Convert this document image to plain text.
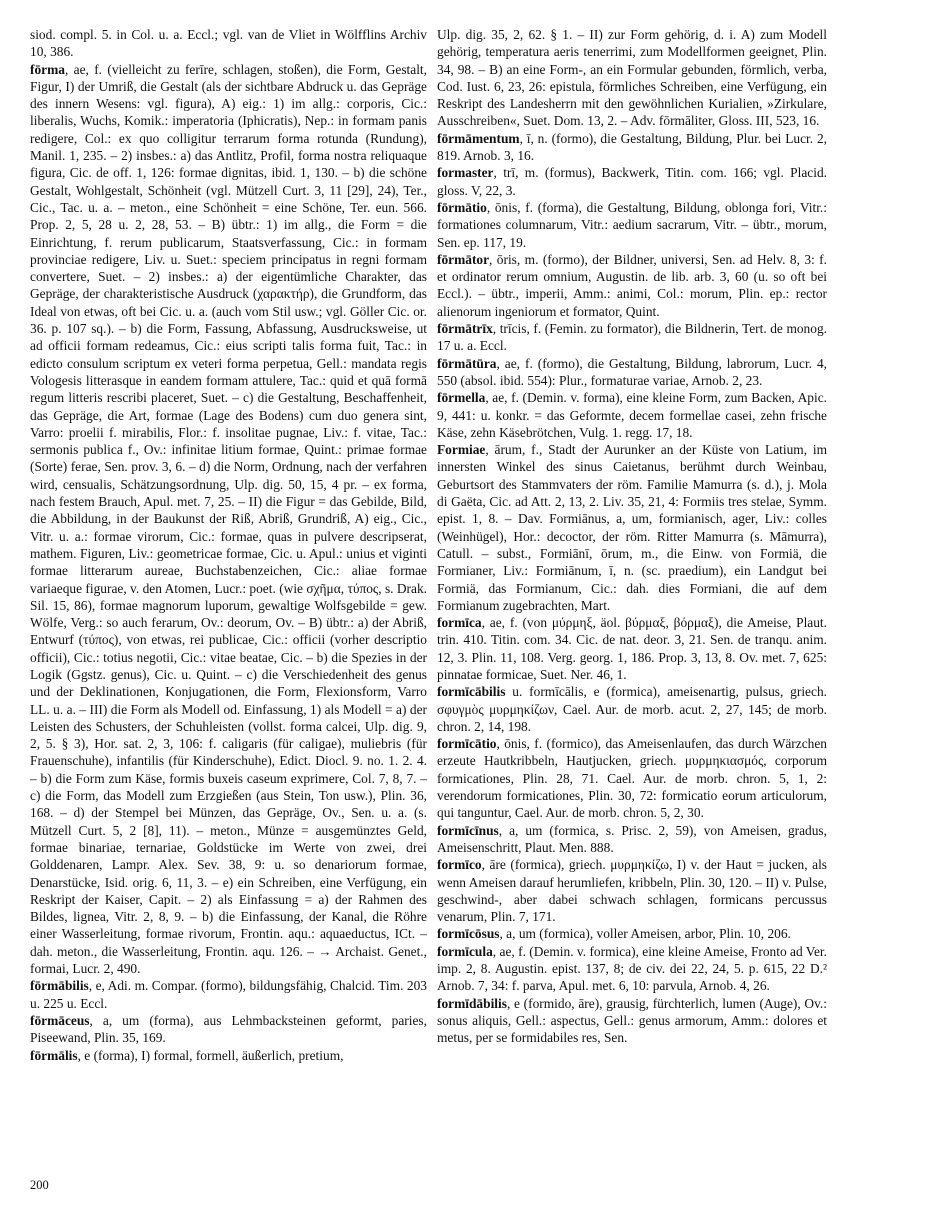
siod. compl. 5. in Col. u. a. Eccl.; vgl. van de Vliet in Wölfflins Archiv 10, 386.

fōrma, ae, f. (vielleicht zu ferīre, schlagen, stoßen), die Form, Gestalt, Figur, I) der Umriß, die Gestalt (als der sichtbare Abdruck u. das Gepräge des innern Wesens: vgl. figura), A) eig.: 1) im allg.: corporis, Cic.: liberalis, Wuchs, Komik.: imperatoria (Iphicratis), Nep.: in formam panis redigere, Col.: ex quo colligitur terrarum forma rotunda (Rundung), Manil. 1, 235. – 2) insbes.: a) das Antlitz, Profil, forma nostra reliquaque figura, Cic. de off. 1, 126: formae dignitas, ibid. 1, 130. – b) die schöne Gestalt, Wohlgestalt, Schönheit (vgl. Mützell Curt. 3, 11 [29], 24), Ter., Cic., Tac. u. a. – meton., eine Schönheit = eine Schöne, Ter. eun. 566. Prop. 2, 5, 28 u. 2, 28, 53. – B) übtr.: 1) im allg., die Form = die Einrichtung, f. rerum publicarum, Staatsverfassung, Cic.: in formam provinciae redigere, Liv. u. Suet.: speciem principatus in regni formam convertere, Suet. – 2) insbes.: a) der eigentümliche Charakter, das Gepräge, der charakteristische Ausdruck (χαρακτήρ), die Grundform, das Ideal von etwas, oft bei Cic. u. a. (auch vom Stil usw.; vgl. Göller Cic. or. 36. p. 107 sq.). – b) die Form, Fassung, Abfassung, Ausdrucksweise, ut ad officii formam redeamus, Cic.: eius scripti talis forma fuit, Tac.: in edicto consulum scriptum ex veteri forma perpetua, Gell.: mandata regis Vologesis litterasque in eandem formam attulere, Tac.: quid et quā formā regum litteris rescribi placeret, Suet. – c) die Gestaltung, Beschaffenheit, das Gepräge, die Art, formae (Lage des Bodens) cum duo genera sint, Varro: proelii f. mirabilis, Flor.: f. insolitae pugnae, Liv.: f. vitae, Tac.: sermonis publica f., Ov.: infinitae litium formae, Quint.: primae formae (Sorte) ferae, Sen. prov. 3, 6. – d) die Norm, Ordnung, nach der verfahren wird, censualis, Schätzungsordnung, Ulp. dig. 50, 15, 4 pr. – ex forma, nach festem Brauch, Apul. met. 7, 25. – II) die Figur = das Gebilde, Bild, die Abbildung, in der Baukunst der Riß, Abriß, Grundriß, A) eig., Cic., Vitr. u. a.: formae virorum, Cic.: formae, quas in pulvere descripserat, mathem. Figuren, Liv.: geometricae formae, Cic. u. Apul.: unius et viginti formae litterarum aureae, Buchstabenzeichen, Cic.: aliae formae variaeque figurae, v. den Atomen, Lucr.: poet. (wie σχῆμα, τύπος, s. Drak. Sil. 15, 86), formae magnorum luporum, gewaltige Wolfsgebilde = gew. Wölfe, Verg.: so auch ferarum, Ov.: deorum, Ov. – B) übtr.: a) der Abriß, Entwurf (τύπος), von etwas, rei publicae, Cic.: officii (vorher descriptio officii), Cic.: totius negotii, Cic.: vitae beatae, Cic. – b) die Spezies in der Logik (Ggstz. genus), Cic. u. Quint. – c) die Verschiedenheit des genus und der Deklinationen, Konjugationen, die Form, Flexionsform, Varro LL. u. a. – III) die Form als Modell od. Einfassung, 1) als Modell = a) der Leisten des Schusters, der Schuhleisten (vollst. forma calcei, Ulp. dig. 9, 2, 5. § 3), Hor. sat. 2, 3, 106: f. caligaris (für caligae), muliebris (für Frauenschuhe), infantilis (für Kinderschuhe), Edict. Diocl. 9. no. 1. 2. 4. – b) die Form zum Käse, formis buxeis caseum exprimere, Col. 7, 8, 7. – c) die Form, das Modell zum Erzgießen (aus Stein, Ton usw.), Plin. 36, 168. – d) der Stempel bei Münzen, das Gepräge, Ov., Sen. u. a. (s. Mützell Curt. 5, 2 [8], 11). – meton., Münze = ausgemünztes Geld, formae binariae, ternariae, Goldstücke im Werte von zwei, drei Golddenaren, Lampr. Alex. Sev. 38, 9: u. so denariorum formae, Denarstücke, Isid. orig. 6, 11, 3. – e) ein Schreiben, eine Verfügung, ein Reskript der Kaiser, Capit. – 2) als Einfassung = a) der Rahmen des Bildes, lignea, Vitr. 2, 8, 9. – b) die Einfassung, der Kanal, die Röhre einer Wasserleitung, formae rivorum, Frontin. aqu.: aquaeductus, ICt. – dah. meton., die Wasserleitung, Frontin. aqu. 126. – → Archaist. Genet., formai, Lucr. 2, 490.

fōrmābilis, e, Adi. m. Compar. (formo), bildungsfähig, Chalcid. Tim. 203 u. 225 u. Eccl.

fōrmāceus, a, um (forma), aus Lehmbacksteinen geformt, paries, Piseewand, Plin. 35, 169.

fōrmālis, e (forma), I) formal, formell, äußerlich, pretium,

Ulp. dig. 35, 2, 62. § 1. – II) zur Form gehörig, d. i. A) zum Modell gehörig, temperatura aeris tenerrimi, zum Modellformen geeignet, Plin. 34, 98. – B) an eine Form-, an ein Formular gebunden, förmlich, verba, Cod. Iust. 6, 23, 26: epistula, förmliches Schreiben, eine Verfügung, ein Reskript des Landesherrn mit den gewöhnlichen Kurialien, »Zirkulare, Ausschreiben«, Suet. Dom. 13, 2. – Adv. fōrmāliter, Gloss. III, 523, 16.

fōrmāmentum, ī, n. (formo), die Gestaltung, Bildung, Plur. bei Lucr. 2, 819. Arnob. 3, 16.

formaster, trī, m. (formus), Backwerk, Titin. com. 166; vgl. Placid. gloss. V, 22, 3.

fōrmātio, ōnis, f. (forma), die Gestaltung, Bildung, oblonga fori, Vitr.: formationes columnarum, Vitr.: aedium sacrarum, Vitr. – übtr., morum, Sen. ep. 117, 19.

fōrmātor, ōris, m. (formo), der Bildner, universi, Sen. ad Helv. 8, 3: f. et ordinator rerum omnium, Augustin. de lib. arb. 3, 60 (u. so oft bei Eccl.). – übtr., imperii, Amm.: animi, Col.: morum, Plin. ep.: rector alienorum ingeniorum et formator, Quint.

fōrmātrīx, trīcis, f. (Femin. zu formator), die Bildnerin, Tert. de monog. 17 u. a. Eccl.

fōrmātūra, ae, f. (formo), die Gestaltung, Bildung, labrorum, Lucr. 4, 550 (absol. ibid. 554): Plur., formaturae variae, Arnob. 2, 23.

fōrmella, ae, f. (Demin. v. forma), eine kleine Form, zum Backen, Apic. 9, 441: u. konkr. = das Geformte, decem formellae casei, zehn frische Käse, zehn Käsebrötchen, Vulg. 1. regg. 17, 18.

Formiae, ārum, f., Stadt der Aurunker an der Küste von Latium, im innersten Winkel des sinus Caietanus, berühmt durch Weinbau, Geburtsort des Stammvaters der röm. Familie Mamurra (s. d.), j. Mola di Gaëta, Cic. ad Att. 2, 13, 2. Liv. 35, 21, 4: Formiis tres stelae, Symm. epist. 1, 8. – Dav. Formiānus, a, um, formianisch, ager, Liv.: colles (Weinhügel), Hor.: decoctor, der röm. Ritter Mamurra (s. Māmurra), Catull. – subst., Formiānī, ōrum, m., die Einw. von Formiä, die Formianer, Liv.: Formiānum, ī, n. (sc. praedium), ein Landgut bei Formiä, das Formianum, Cic.: dah. dies Formiani, die auf dem Formianum zugebrachten, Mart.

formīca, ae, f. (von μύρμηξ, äol. βύρμαξ, βόρμαξ), die Ameise, Plaut. trin. 410. Titin. com. 34. Cic. de nat. deor. 3, 21. Sen. de tranqu. anim. 12, 3. Plin. 11, 108. Verg. georg. 1, 186. Prop. 3, 13, 8. Ov. met. 7, 625: pinnatae formicae, Suet. Ner. 46, 1.

formīcābilis u. formīcālis, e (formica), ameisenartig, pulsus, griech. σφυγμὸς μυρμηκίζων, Cael. Aur. de morb. acut. 2, 27, 145; de morb. chron. 2, 14, 198.

formīcātio, ōnis, f. (formico), das Ameisenlaufen, das durch Wärzchen erzeute Hautkribbeln, Hautjucken, griech. μυρμηκιασμός, corporum formicationes, Plin. 28, 71. Cael. Aur. de morb. chron. 5, 1, 2: verendorum formicationes, Plin. 30, 72: formicatio eorum articulorum, qui tanguntur, Cael. Aur. de morb. chron. 5, 2, 30.

formīcīnus, a, um (formica, s. Prisc. 2, 59), von Ameisen, gradus, Ameisenschritt, Plaut. Men. 888.

formīco, āre (formica), griech. μυρμηκίζω, I) v. der Haut = jucken, als wenn Ameisen darauf herumliefen, kribbeln, Plin. 30, 120. – II) v. Pulse, geschwind-, aber dabei schwach schlagen, formicans percussus venarum, Plin. 7, 171.

formīcōsus, a, um (formica), voller Ameisen, arbor, Plin. 10, 206.

formīcula, ae, f. (Demin. v. formica), eine kleine Ameise, Fronto ad Ver. imp. 2, 8. Augustin. epist. 137, 8; de civ. dei 22, 24, 5. p. 615, 22 D.² Arnob. 7, 34: f. parva, Apul. met. 6, 10: parvula, Arnob. 4, 26.

formīdābilis, e (formido, āre), grausig, fürchterlich, lumen (Auge), Ov.: sonus aliquis, Gell.: aspectus, Gell.: genus armorum, Amm.: dolores et metus, per se formidabiles res, Sen.

200
